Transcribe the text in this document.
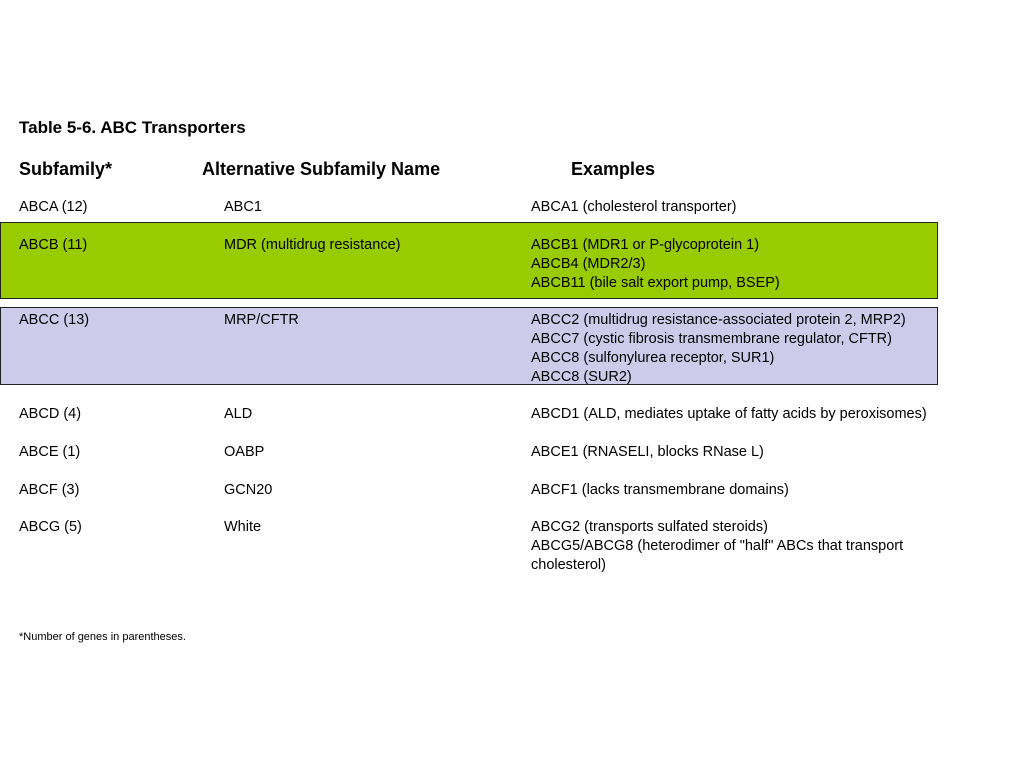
Table 5-6. ABC Transporters
Subfamily*	Alternative Subfamily Name	Examples
ABCA (12)	ABC1	ABCA1 (cholesterol transporter)
ABCB (11)	MDR (multidrug resistance)	ABCB1 (MDR1 or P-glycoprotein 1)
ABCB4 (MDR2/3)
ABCB11 (bile salt export pump, BSEP)
ABCC (13)	MRP/CFTR	ABCC2 (multidrug resistance-associated protein 2, MRP2)
ABCC7 (cystic fibrosis transmembrane regulator, CFTR)
ABCC8 (sulfonylurea receptor, SUR1)
ABCC8 (SUR2)
ABCD (4)	ALD	ABCD1 (ALD, mediates uptake of fatty acids by peroxisomes)
ABCE (1)	OABP	ABCE1 (RNASELI, blocks RNase L)
ABCF (3)	GCN20	ABCF1 (lacks transmembrane domains)
ABCG (5)	White	ABCG2 (transports sulfated steroids)
ABCG5/ABCG8 (heterodimer of "half" ABCs that transport
cholesterol)
*Number of genes in parentheses.
